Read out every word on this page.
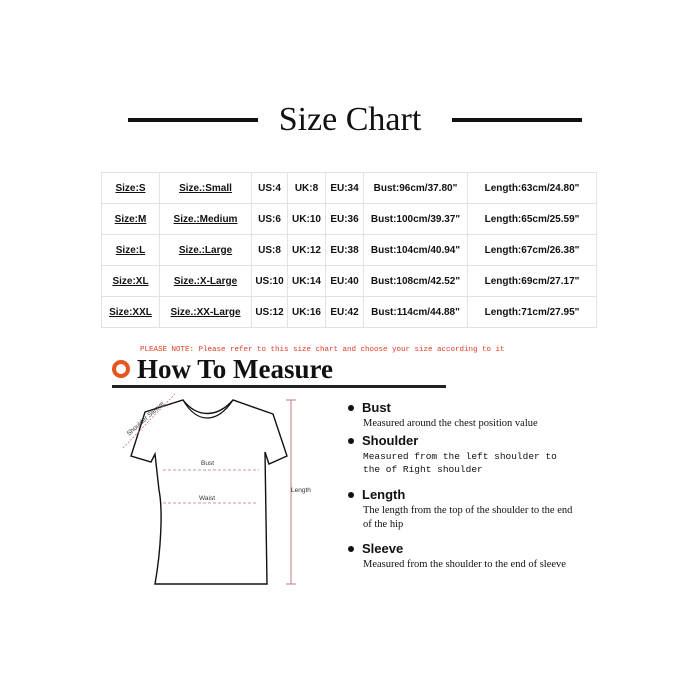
Size Chart
Size:S	Size.:Small	US:4	UK:8	EU:34	Bust:96cm/37.80"	Length:63cm/24.80"
Size:M	Size.:Medium	US:6	UK:10	EU:36	Bust:100cm/39.37"	Length:65cm/25.59"
Size:L	Size.:Large	US:8	UK:12	EU:38	Bust:104cm/40.94"	Length:67cm/26.38"
Size:XL	Size.:X-Large	US:10	UK:14	EU:40	Bust:108cm/42.52"	Length:69cm/27.17"
Size:XXL	Size.:XX-Large	US:12	UK:16	EU:42	Bust:114cm/44.88"	Length:71cm/27.95"
PLEASE NOTE: Please refer to this size chart and choose your size according to it
How To Measure
Shoulder Sleeve
Bust
Waist
Length
Bust
Measured around the chest position value
Shoulder
Measured from the left shoulder to the of Right shoulder
Length
The length from the top of the shoulder to the end of the hip
Sleeve
Measured from the shoulder to the end of sleeve
